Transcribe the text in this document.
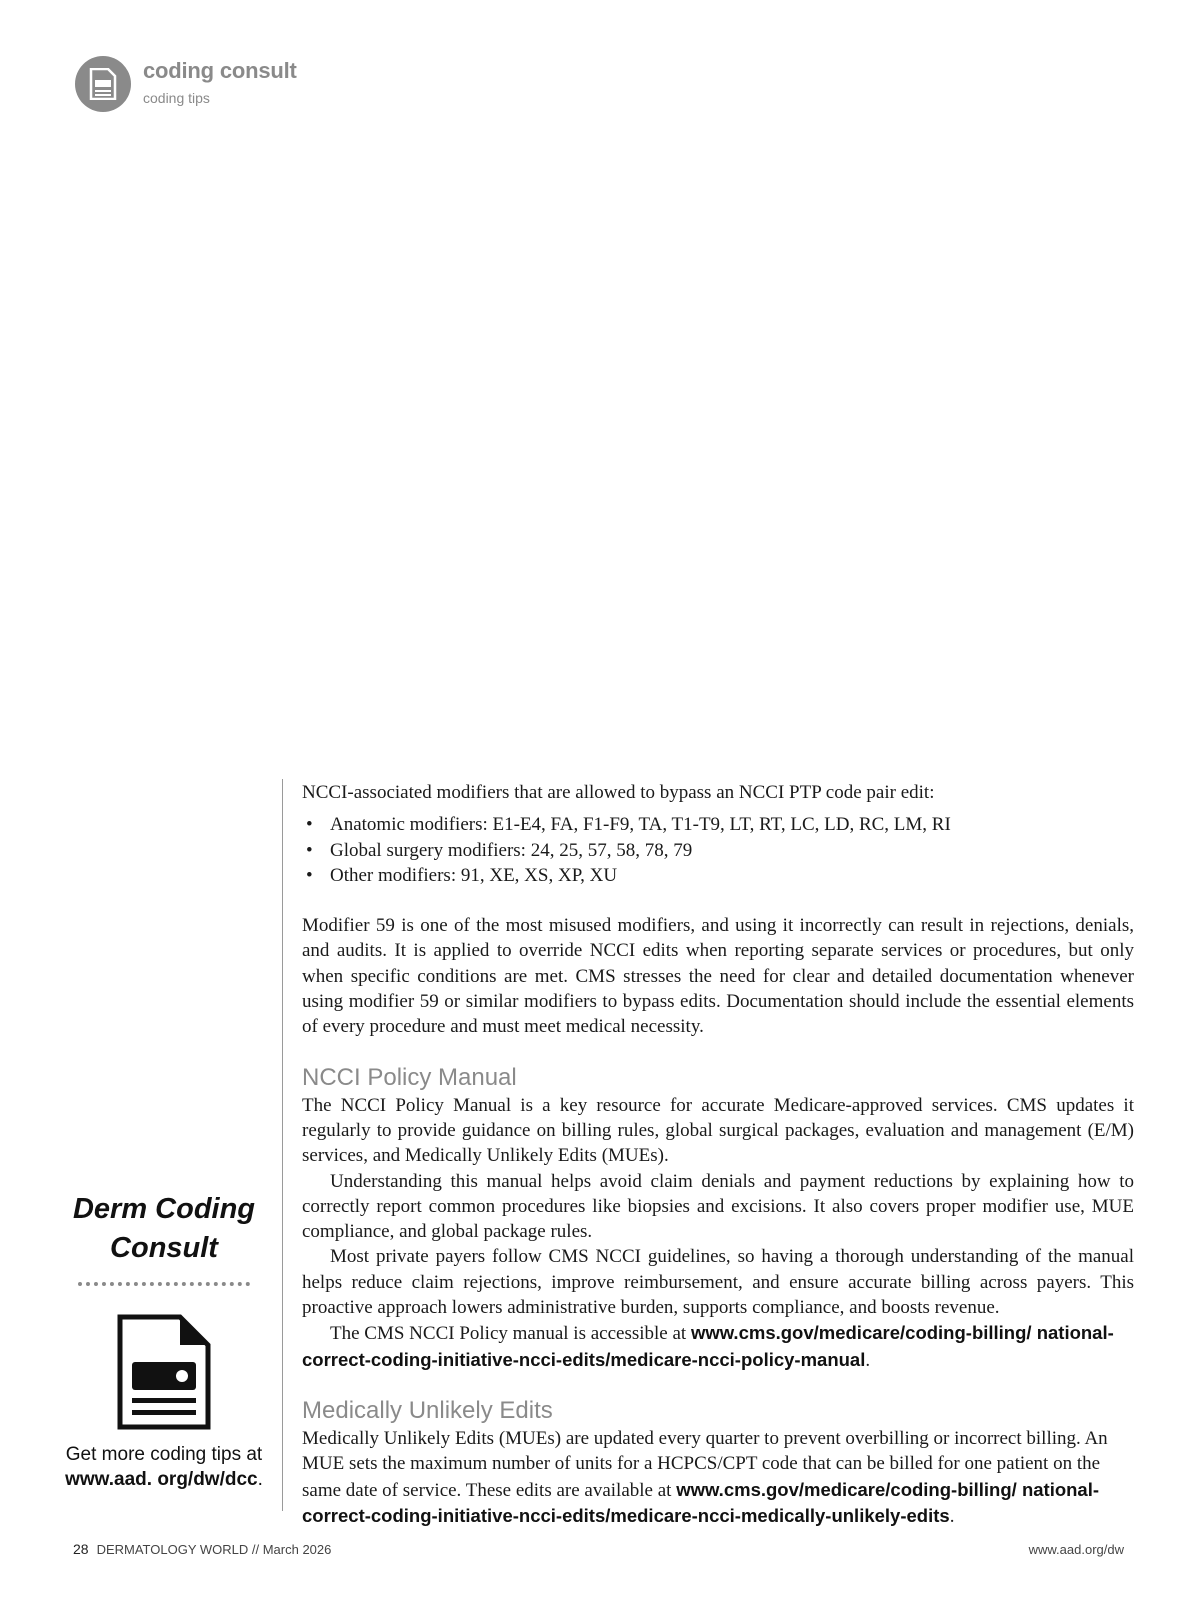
coding consult
coding tips
Derm Coding
Consult
Get more coding tips at www.aad. org/dw/dcc.

NCCI-associated modifiers that are allowed to bypass an NCCI PTP code pair edit:

• Anatomic modifiers: E1-E4, FA, F1-F9, TA, T1-T9, LT, RT, LC, LD, RC, LM, RI
• Global surgery modifiers: 24, 25, 57, 58, 78, 79
• Other modifiers: 91, XE, XS, XP, XU

Modifier 59 is one of the most misused modifiers, and using it incorrectly can result in rejections, denials, and audits. It is applied to override NCCI edits when reporting separate services or procedures, but only when specific conditions are met. CMS stresses the need for clear and detailed documentation whenever using modifier 59 or similar modifiers to bypass edits. Documentation should include the essential elements of every procedure and must meet medical necessity.

NCCI Policy Manual

The NCCI Policy Manual is a key resource for accurate Medicare-approved services. CMS updates it regularly to provide guidance on billing rules, global surgical packages, evaluation and management (E/M) services, and Medically Unlikely Edits (MUEs).

Understanding this manual helps avoid claim denials and payment reductions by explaining how to correctly report common procedures like biopsies and excisions. It also covers proper modifier use, MUE compliance, and global package rules.

Most private payers follow CMS NCCI guidelines, so having a thorough understanding of the manual helps reduce claim rejections, improve reimbursement, and ensure accurate billing across payers. This proactive approach lowers administrative burden, supports compliance, and boosts revenue.

The CMS NCCI Policy manual is accessible at www.cms.gov/medicare/coding-billing/ national-correct-coding-initiative-ncci-edits/medicare-ncci-policy-manual.

Medically Unlikely Edits

Medically Unlikely Edits (MUEs) are updated every quarter to prevent overbilling or incorrect billing. An MUE sets the maximum number of units for a HCPCS/CPT code that can be billed for one patient on the same date of service. These edits are available at www.cms.gov/medicare/coding-billing/ national-correct-coding-initiative-ncci-edits/medicare-ncci-medically-unlikely-edits.

28 DERMATOLOGY WORLD // March 2026	www.aad.org/dw
